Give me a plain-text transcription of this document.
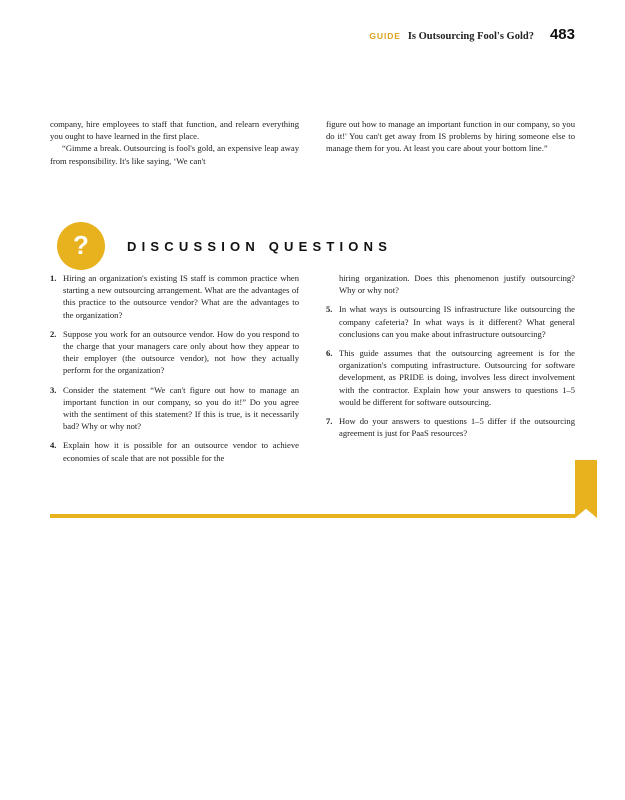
GUIDE Is Outsourcing Fool's Gold? 483

company, hire employees to staff that function, and relearn everything you ought to have learned in the first place.

“Gimme a break. Outsourcing is fool's gold, an expensive leap away from responsibility. It's like saying, ‘We can't

figure out how to manage an important function in our company, so you do it!' You can't get away from IS problems by hiring someone else to manage them for you. At least you care about your bottom line.”

?	DISCUSSION QUESTIONS
1. Hiring an organization's existing IS staff is common practice when starting a new outsourcing arrangement. What are the advantages of this practice to the outsource vendor? What are the advantages to the organization?
2. Suppose you work for an outsource vendor. How do you respond to the charge that your managers care only about how they appear to their employer (the outsource vendor), not how they actually perform for the organization?
3. Consider the statement “We can't figure out how to manage an important function in our company, so you do it!” Do you agree with the sentiment of this statement? If this is true, is it necessarily bad? Why or why not?
4. Explain how it is possible for an outsource vendor to achieve economies of scale that are not possible for the
hiring organization. Does this phenomenon justify outsourcing? Why or why not?
5. In what ways is outsourcing IS infrastructure like outsourcing the company cafeteria? In what ways is it different? What general conclusions can you make about infrastructure outsourcing?
6. This guide assumes that the outsourcing agreement is for the organization's computing infrastructure. Outsourcing for software development, as PRIDE is doing, involves less direct involvement with the contractor. Explain how your answers to questions 1–5 would be different for software outsourcing.
7. How do your answers to questions 1–5 differ if the outsourcing agreement is just for PaaS resources?
